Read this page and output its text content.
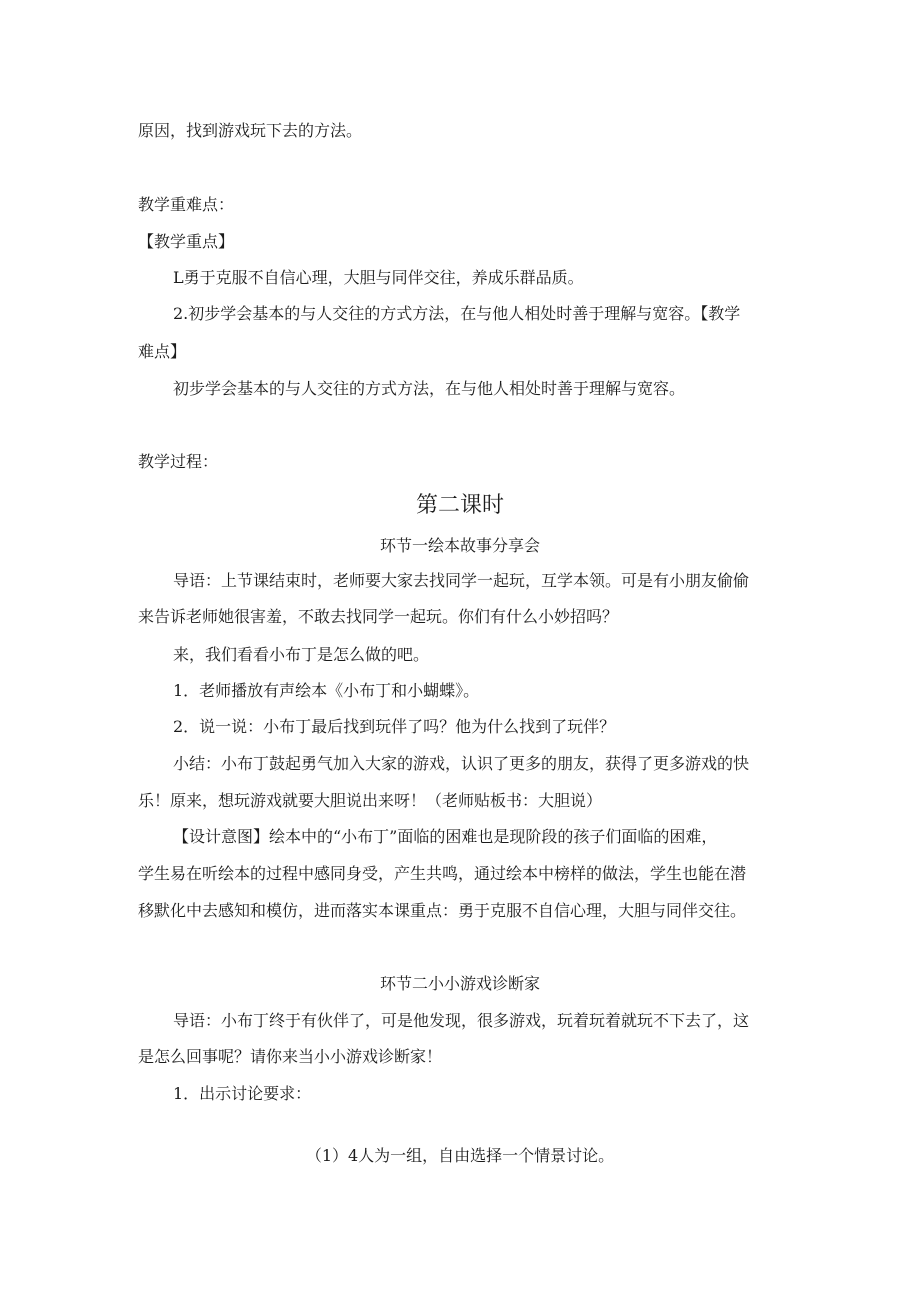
原因，找到游戏玩下去的方法。
教学重难点：
【教学重点】
L勇于克服不自信心理，大胆与同伴交往，养成乐群品质。
2.初步学会基本的与人交往的方式方法，在与他人相处时善于理解与宽容。【教学
难点】
初步学会基本的与人交往的方式方法，在与他人相处时善于理解与宽容。
教学过程：
第二课时
环节一绘本故事分享会
导语：上节课结束时，老师要大家去找同学一起玩，互学本领。可是有小朋友偷偷
来告诉老师她很害羞，不敢去找同学一起玩。你们有什么小妙招吗？
来，我们看看小布丁是怎么做的吧。
1．老师播放有声绘本《小布丁和小蝴蝶》。
2．说一说：小布丁最后找到玩伴了吗？他为什么找到了玩伴？
小结：小布丁鼓起勇气加入大家的游戏，认识了更多的朋友，获得了更多游戏的快
乐！原来，想玩游戏就要大胆说出来呀！（老师贴板书：大胆说）
【设计意图】绘本中的“小布丁”面临的困难也是现阶段的孩子们面临的困难，
学生易在听绘本的过程中感同身受，产生共鸣，通过绘本中榜样的做法，学生也能在潜
移默化中去感知和模仿，进而落实本课重点：勇于克服不自信心理，大胆与同伴交往。
环节二小小游戏诊断家
导语：小布丁终于有伙伴了，可是他发现，很多游戏，玩着玩着就玩不下去了，这
是怎么回事呢？请你来当小小游戏诊断家！
1．出示讨论要求：
（1）4人为一组，自由选择一个情景讨论。
